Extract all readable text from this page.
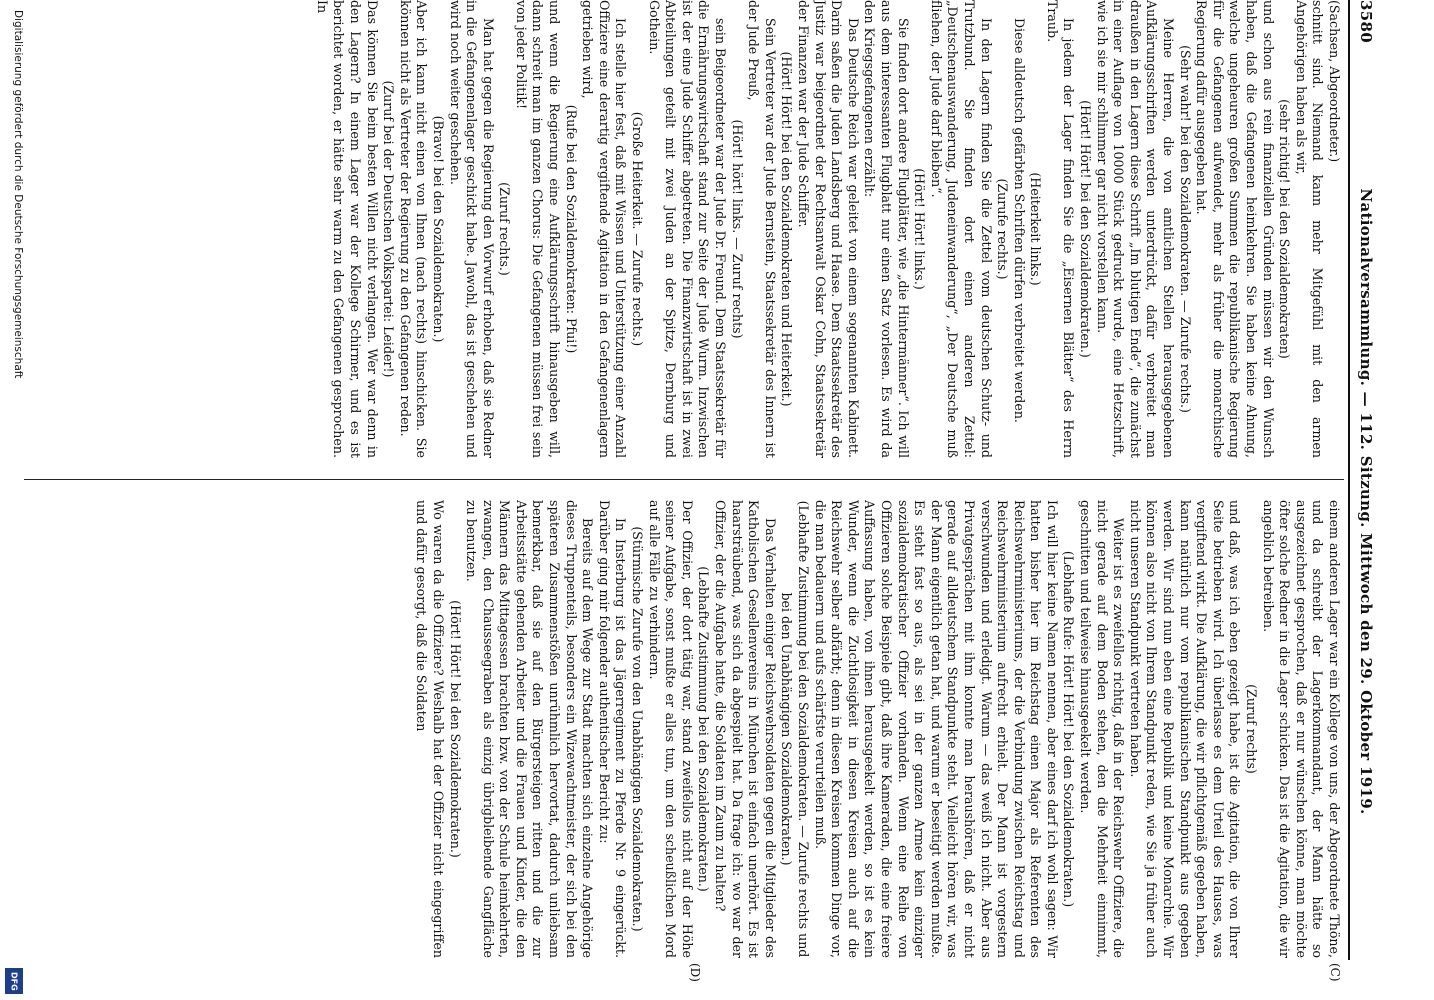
3580
Nationalversammlung. — 112. Sitzung. Mittwoch den 29. Oktober 1919.
(C)
(D)

(Sachsen, Abgeordneter.)

schnitt sind. Niemand kann mehr Mitgefühl mit den armen Angehörigen haben als wir,

(sehr richtig! bei den Sozialdemokraten)

und schon aus rein finanziellen Gründen müssen wir den Wunsch haben, daß die Gefangenen heimkehren. Sie haben keine Ahnung, welche ungeheuren großen Summen die republikanische Regierung für die Gefangenen aufwendet, mehr als früher die monarchische Regierung dafür ausgegeben hat.

(Sehr wahr! bei den Sozialdemokraten. — Zurufe rechts.)

Meine Herren, die von amtlichen Stellen herausgegebenen Aufklärungsschriften werden unterdrückt, dafür verbreitet man draußen in den Lagern diese Schrift „Im blutigen Ende“, die zunächst in einer Auflage von 10000 Stück gedruckt wurde, eine Hetzschrift, wie ich sie mir schlimmer gar nicht vorstellen kann.

(Hört! Hört! bei den Sozialdemokraten.)

In jedem der Lager finden Sie die „Eisernen Blätter“ des Herrn Traub.

(Heiterkeit links.)

Diese alldeutsch gefärbten Schriften dürfen verbreitet werden.

(Zurufe rechts.)

In den Lagern finden Sie die Zettel vom deutschen Schutz- und Trutzbund. Sie finden dort einen anderen Zettel: „Deutschenauswanderung, Judeneinwanderung“, „Der Deutsche muß fliehen, der Jude darf bleiben“.

(Hört! Hört! links.)

Sie finden dort andere Flugblätter, wie „die Hintermänner“. Ich will aus dem interessanten Flugblatt nur einen Satz vorlesen. Es wird da den Kriegsgefangenen erzählt:

Das Deutsche Reich war geleitet von einem sogenannten Kabinett. Darin saßen die Juden Landsberg und Haase. Dem Staatssekretär des Justiz war beigeordnet der Rechtsanwalt Oskar Cohn, Staatssekretär der Finanzen war der Jude Schiffer.

(Hört! Hört! bei den Sozialdemokraten und Heiterkeit.)

Sein Vertreter war der Jude Bernstein, Staatssekretär des Innern ist der Jude Preuß,

(Hört! hört! links. — Zuruf rechts)

sein Beigeordneter war der Jude Dr. Freund. Dem Staatssekretär für die Ernährungswirtschaft stand zur Seite der Jude Wurm. Inzwischen ist der eine Jude Schiffer abgetreten. Die Finanzwirtschaft ist in zwei Abteilungen geteilt mit zwei Juden an der Spitze, Dernburg und Gothein.

(Große Heiterkeit. — Zurufe rechts.)

Ich stelle hier fest, daß mit Wissen und Unterstützung einer Anzahl Offiziere eine derartig vergiftende Agitation in den Gefangenenlagern getrieben wird,

(Rufe bei den Sozialdemokraten: Pfui!)

und wenn die Regierung eine Aufklärungsschrift hinausgeben will, dann schreit man im ganzen Chorus: Die Gefangenen müssen frei sein von jeder Politik!

(Zuruf rechts.)

Man hat gegen die Regierung den Vorwurf erhoben, daß sie Redner in die Gefangenenlager geschickt habe. Jawohl, das ist geschehen und wird noch weiter geschehen.

(Bravo! bei den Sozialdemokraten.)

Aber ich kann nicht einen von Ihnen (nach rechts) hinschicken. Sie können nicht als Vertreter der Regierung zu den Gefangenen reden.

(Zuruf bei der Deutschen Volkspartei: Leider!)

Das können Sie beim besten Willen nicht verlangen. Wer war denn in den Lagern? In einem Lager war der Kollege Schirmer, und es ist berichtet worden, er hätte sehr warm zu den Gefangenen gesprochen. In

einem anderen Lager war ein Kollege von uns, der Abgeordnete Thöne, und da schreibt der Lagerkommandant, der Mann hätte so ausgezeichnet gesprochen, daß er nur wünschen könne, man möchte öfter solche Redner in die Lager schicken. Das ist die Agitation, die wir angeblich betreiben.

(Zuruf rechts)

und daß, was ich eben gezeigt habe, ist die Agitation, die von Ihrer Seite betrieben wird. Ich überlasse es dem Urteil des Hauses, was vergiftend wirkt. Die Aufklärung, die wir pflichtgemäß gegeben haben, kann natürlich nur vom republikanischen Standpunkt aus gegeben werden. Wir sind nun eben eine Republik und keine Monarchie. Wir können also nicht von Ihrem Standpunkt reden, wie Sie ja früher auch nicht unseren Standpunkt vertreten haben.

Weiter ist es zweifellos richtig, daß in der Reichswehr Offiziere, die nicht gerade auf dem Boden stehen, den die Mehrheit einnimmt, geschnitten und teilweise hinausgeekelt werden.

(Lebhafte Rufe: Hört! Hört! bei den Sozialdemokraten.)

Ich will hier keine Namen nennen, aber eines darf ich wohl sagen: Wir hatten bisher hier im Reichstag einen Major als Referenten des Reichswehrministeriums, der die Verbindung zwischen Reichstag und Reichswehrministerium aufrecht erhielt. Der Mann ist vorgestern verschwunden und erledigt. Warum — das weiß ich nicht. Aber aus Privatgesprächen mit ihm konnte man heraushören, daß er nicht gerade auf alldeutschem Standpunkte steht. Vielleicht hören wir, was der Mann eigentlich getan hat, und warum er beseitigt werden mußte. Es steht fast so aus, als sei in der ganzen Armee kein einziger sozialdemokratischer Offizier vorhanden. Wenn eine Reihe von Offizieren solche Beispiele gibt, daß ihre Kameraden, die eine freiere Auffassung haben, von ihnen herausgeekelt werden, so ist es kein Wunder, wenn die Zuchtlosigkeit in diesen Kreisen auch auf die Reichswehr selber abfärbt; denn in diesen Kreisen kommen Dinge vor, die man bedauern und aufs schärfste verurteilen muß.

(Lebhafte Zustimmung bei den Sozialdemokraten. — Zurufe rechts und bei den Unabhängigen Sozialdemokraten.)

Das Verhalten einiger Reichswehrsoldaten gegen die Mitglieder des Katholischen Gesellenvereins in München ist einfach unerhört. Es ist haarsträubend, was sich da abgespielt hat. Da frage ich: wo war der Offizier, der die Aufgabe hatte, die Soldaten im Zaum zu halten?

(Lebhafte Zustimmung bei den Sozialdemokraten.)

Der Offizier, der dort tätig war, stand zweifellos nicht auf der Höhe seiner Aufgabe, sonst mußte er alles tun, um den scheußlichen Mord auf alle Fälle zu verhindern.

(Stürmische Zurufe von den Unabhängigen Sozialdemokraten.)

In Insterburg ist das Jägerregiment zu Pferde Nr. 9 eingerückt. Darüber ging mir folgender authentischer Bericht zu:

Bereits auf dem Wege zur Stadt machten sich einzelne Angehörige dieses Truppenteils, besonders ein Wizewachtmeister, der sich bei den späteren Zusammenstößen unrühmlich hervortat, dadurch unliebsam bemerkbar, daß sie auf den Bürgersteigen ritten und die zur Arbeitsstätte gehenden Arbeiter und die Frauen und Kinder, die den Männern das Mittagessen brachten bzw. von der Schule heimkehrten, zwangen, den Chausseegraben als einzig übrigbleibende Gangfläche zu benutzen.

(Hört! Hört! bei den Sozialdemokraten.)

Wo waren da die Offiziere? Weshalb hat der Offizier nicht eingegriffen und dafür gesorgt, daß die Soldaten

Digitalisierung gefördert durch die Deutsche Forschungsgemeinschaft
DFG
